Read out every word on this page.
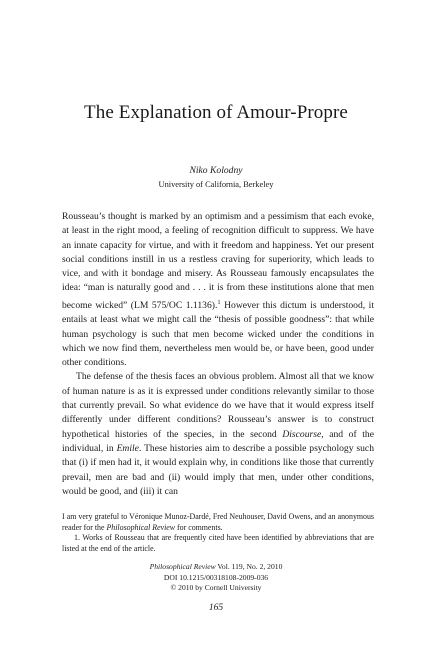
The Explanation of Amour-Propre
Niko Kolodny
University of California, Berkeley

Rousseau’s thought is marked by an optimism and a pessimism that each evoke, at least in the right mood, a feeling of recognition difficult to suppress. We have an innate capacity for virtue, and with it freedom and happiness. Yet our present social conditions instill in us a restless craving for superiority, which leads to vice, and with it bondage and misery. As Rousseau famously encapsulates the idea: “man is naturally good and . . . it is from these institutions alone that men become wicked” (LM 575/OC 1.1136).$^1$ However this dictum is understood, it entails at least what we might call the “thesis of possible goodness”: that while human psychology is such that men become wicked under the conditions in which we now find them, nevertheless men would be, or have been, good under other conditions.

The defense of the thesis faces an obvious problem. Almost all that we know of human nature is as it is expressed under conditions relevantly similar to those that currently prevail. So what evidence do we have that it would express itself differently under different conditions? Rousseau’s answer is to construct hypothetical histories of the species, in the second Discourse, and of the individual, in Emile. These histories aim to describe a possible psychology such that (i) if men had it, it would explain why, in conditions like those that currently prevail, men are bad and (ii) would imply that men, under other conditions, would be good, and (iii) it can

I am very grateful to Véronique Munoz-Dardé, Fred Neuhouser, David Owens, and an anonymous reader for the Philosophical Review for comments.

1. Works of Rousseau that are frequently cited have been identified by abbreviations that are listed at the end of the article.

Philosophical Review Vol. 119, No. 2, 2010
DOI 10.1215/00318108-2009-036
© 2010 by Cornell University
165
